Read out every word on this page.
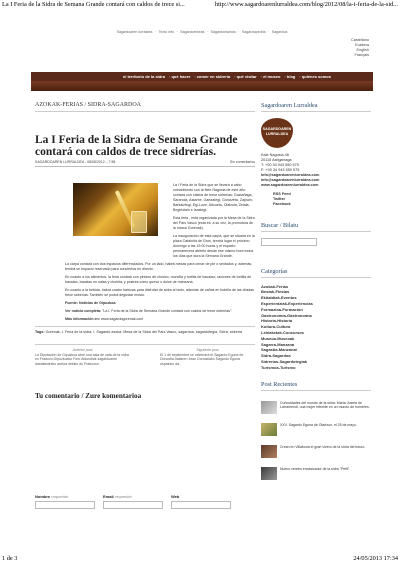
La I Feria de la Sidra de Semana Grande contará con caldos de trece si...	http://www.sagardoarenlurraldea.com/blog/2012/08/la-i-feria-de-la-sid...
Sagardoaren lurraldea · Textu info · Sagardoetxeas · Sagardoelaindo · Sagardopedria · Sagardoa
Castellano
Euskera
English
Français
el territorio de la sidra · qué hacer · comer en sidrería · qué visitar · el museo · blog · quiénes somos
AZOKAK-FERIAS / SIDRA-SAGARDOA
La I Feria de la Sidra de Semana Grande contará con caldos de trece sidrerías.
SAGARDOAREN LURRALDEA - 08/08/2012 – 7:58	Sin comentarios

La I Feria de la Sidra que se llevará a cabo coincidiendo con la fiete Nagusia de este año contará con caldos de trece sidrerías: Gaztañaga, Saranola, Astarbe, Gartzategi, Gurutzeta, Zapiain, Barkaiztegi, Egi-Luze, Altzueta, Olaizola, Zelaia, Begiristain e Isastegi.

Esta feria , está organizada por la Mesa de la Sidra del País Vasco (esta es, a su vez, la promotora de la marca Gorenak).

La inauguración de esta carpa, que se situará en la plaza Cataluña de Gros, tendrá lugar el próximo domingo a las 19.00 horas y el espacio permanecerá abierto desde ese mismo hora todos los días que dura la Semana Grande.

La carpa contará con dos espacios diferenciados. Por un lado, habrá mesas para cenar de pie o sentados y, además, tendrá un espacio reservado para conciertos en directo.

En cuanto a los alimentos, la feria contará con pintxos de chorizo, morcilla y tortilla de bacalao; raciones de tortilla de bacalao, bacalao en salsa y chuleta; y postres como queso o dulce de manzana.

En cuanto a la bebida, habrá cuatro barricas para disfrutar de sidra al txotx, además de cañas en botella de las citadas trece sidrerías. También se podrá degustar mosto.

Fuente: Noticias de Gipuzkoa.

Ver noticia completa: "La I. Feria de la Sidra de Semana Grande contará con caldos de trece sidrerías".

Más información en: www.sagardogorenak.com

Tags: Gorenak, I. Feria de la sidra, I. Sagardo azoka, Mesa de la Sidra del País Vasco, sagardoa, sagardotegia, Sidra, sidrería
Anterior post
La Diputación de Gipuzkoa abre una sala de cata de la sidra en Fraisoro.Gipuzkoako Foru Aldundiak sagardoaren dastatetareko aretoa irekiko du Fraisoron.
Siguiente post
El 1 de septiembre se celebrará el Sagardo Eguna de Donostia.Irailaren 1ean Donostiako Sagardo Eguna ospatuko da.
Tu comentario / Zure komentarioa
Nombre requerido	Email requerido	Web
Sagardoaren Lurraldea
SAGARDOAREN
LURRALDEA
Kale Nagusia 48
20115 Astigarraga
T: +00 34 943 550 575
F: +00 34 943 550 575
info@sagardoarenlurraldea.com
info@sagardoarenlurraldea.com
www.sagardoarenlurraldea.com
RSS Feed
Twitter
Facebook
Buscar / Bilatu
Categorías
Azokak-Ferias
Bestak-Fiestas
Ekitaldiak-Eventos
Esperientziak-Experiencias
Formazioa-Formación
Gastronomía-Gastronomía
Historia-Historia
Kultura-Cultura
Lehiaketak-Concursos
Museoa-Museoak
Sagarra-Manzana
Sagastia-Manzanal
Sidra-Sagardoa
Sidrerías-Sagardotegiak
Turismoa-Turismo
Post Recientes
Curiosidades del mundo de la sidra: María Josefa de Larramendi, una mujer rebelde en un mundo de hombres.
XXV. Sagardo Eguna de Olartzun, el 25 de mayo.
Crean en Villabona el gran vivero de la sidra del futuro.
Nuevo cerebo encasizador de la sidra "Petit".
1 de 3	24/05/2013 17:34
